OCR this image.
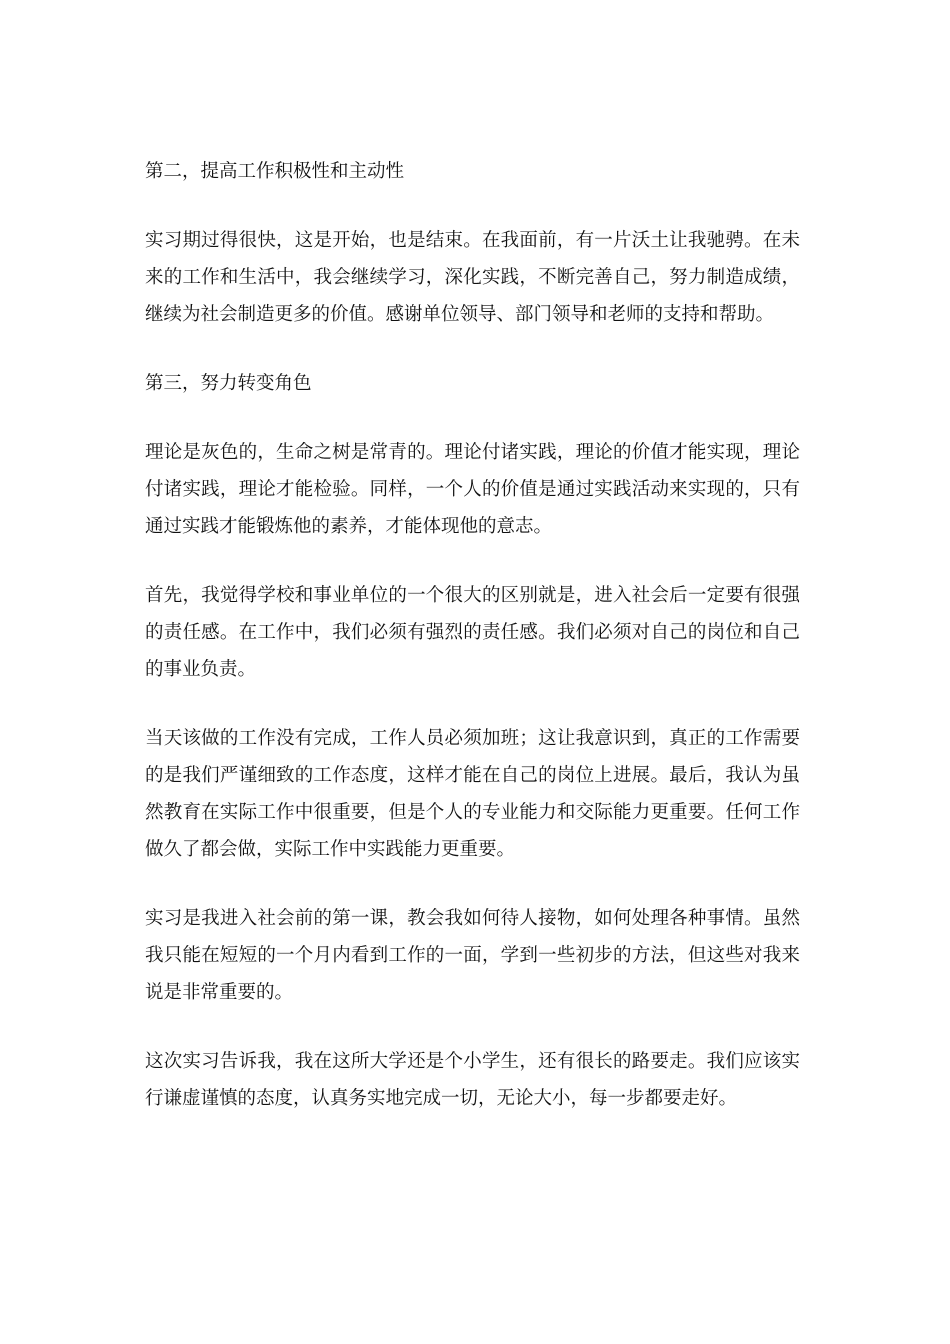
第二，提高工作积极性和主动性

实习期过得很快，这是开始，也是结束。在我面前，有一片沃土让我驰骋。在未来的工作和生活中，我会继续学习，深化实践，不断完善自己，努力制造成绩，继续为社会制造更多的价值。感谢单位领导、部门领导和老师的支持和帮助。

第三，努力转变角色

理论是灰色的，生命之树是常青的。理论付诸实践，理论的价值才能实现，理论付诸实践，理论才能检验。同样，一个人的价值是通过实践活动来实现的，只有通过实践才能锻炼他的素养，才能体现他的意志。

首先，我觉得学校和事业单位的一个很大的区别就是，进入社会后一定要有很强的责任感。在工作中，我们必须有强烈的责任感。我们必须对自己的岗位和自己的事业负责。

当天该做的工作没有完成，工作人员必须加班；这让我意识到，真正的工作需要的是我们严谨细致的工作态度，这样才能在自己的岗位上进展。最后，我认为虽然教育在实际工作中很重要，但是个人的专业能力和交际能力更重要。任何工作做久了都会做，实际工作中实践能力更重要。

实习是我进入社会前的第一课，教会我如何待人接物，如何处理各种事情。虽然我只能在短短的一个月内看到工作的一面，学到一些初步的方法，但这些对我来说是非常重要的。

这次实习告诉我，我在这所大学还是个小学生，还有很长的路要走。我们应该实行谦虚谨慎的态度，认真务实地完成一切，无论大小，每一步都要走好。
